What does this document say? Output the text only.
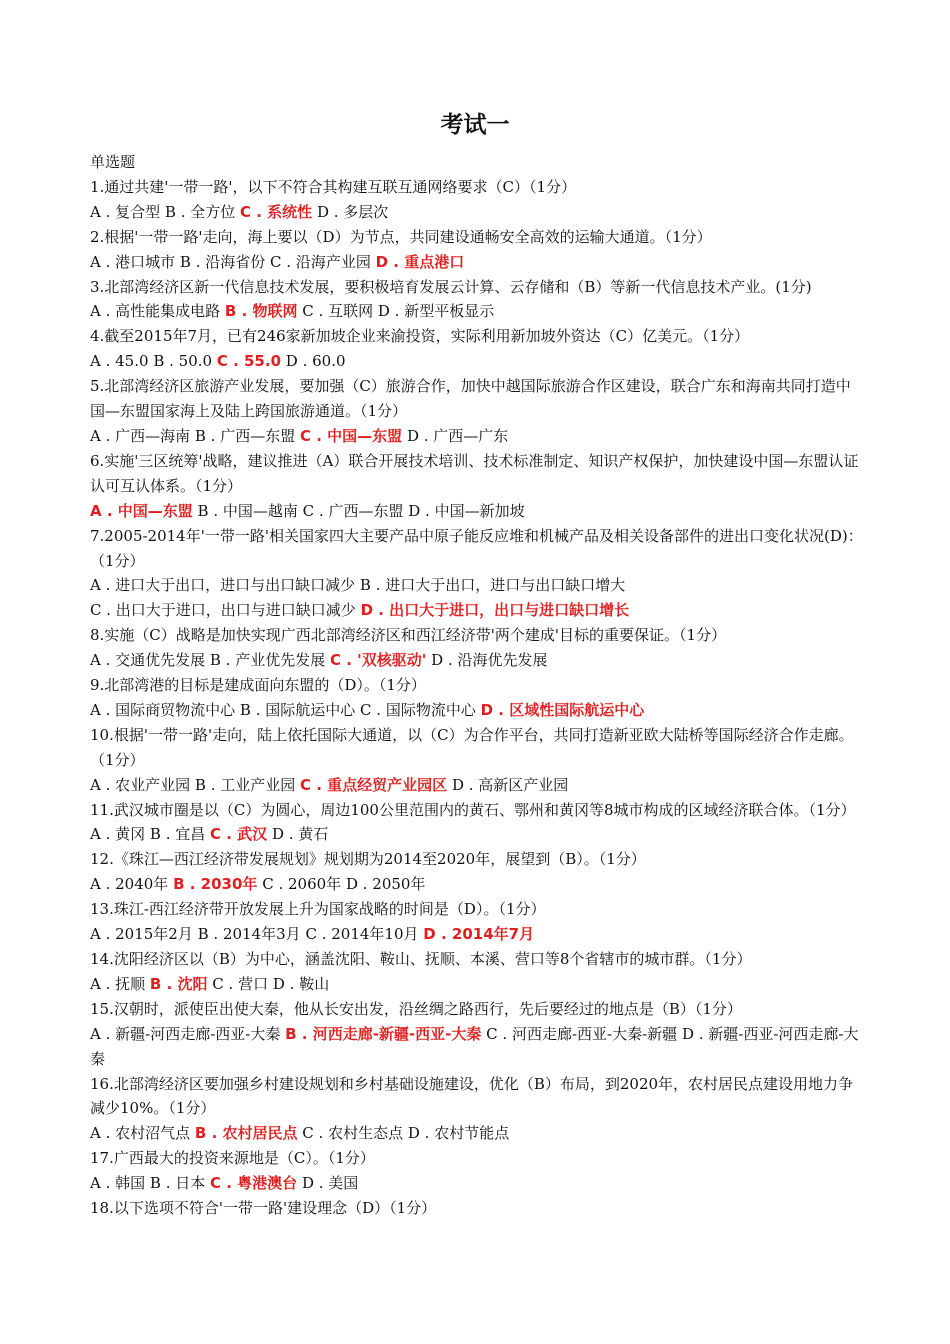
考试一
单选题
1.通过共建'一带一路'，以下不符合其构建互联互通网络要求（C）（1分）
A . 复合型 B . 全方位 C . 系统性 D . 多层次
2.根据'一带一路'走向，海上要以（D）为节点，共同建设通畅安全高效的运输大通道。（1分）
A . 港口城市 B . 沿海省份 C . 沿海产业园 D . 重点港口
3.北部湾经济区新一代信息技术发展，要积极培育发展云计算、云存储和（B）等新一代信息技术产业。(1分)
A . 高性能集成电路 B . 物联网 C . 互联网 D . 新型平板显示
4.截至2015年7月，已有246家新加坡企业来渝投资，实际利用新加坡外资达（C）亿美元。（1分）
A . 45.0 B . 50.0 C . 55.0 D . 60.0
5.北部湾经济区旅游产业发展，要加强（C）旅游合作，加快中越国际旅游合作区建设，联合广东和海南共同打造中国—东盟国家海上及陆上跨国旅游通道。（1分）
A . 广西—海南 B . 广西—东盟 C . 中国—东盟 D . 广西—广东
6.实施'三区统筹'战略，建议推进（A）联合开展技术培训、技术标准制定、知识产权保护，加快建设中国—东盟认证认可互认体系。（1分）
A . 中国—东盟 B . 中国—越南 C . 广西—东盟 D . 中国—新加坡
7.2005-2014年'一带一路'相关国家四大主要产品中原子能反应堆和机械产品及相关设备部件的进出口变化状况(D)：（1分）
A . 进口大于出口，进口与出口缺口减少 B . 进口大于出口，进口与出口缺口增大
C . 出口大于进口，出口与进口缺口减少 D . 出口大于进口，出口与进口缺口增长
8.实施（C）战略是加快实现广西北部湾经济区和西江经济带'两个建成'目标的重要保证。（1分）
A . 交通优先发展 B . 产业优先发展 C . '双核驱动' D . 沿海优先发展
9.北部湾港的目标是建成面向东盟的（D）。（1分）
A . 国际商贸物流中心 B . 国际航运中心 C . 国际物流中心 D . 区域性国际航运中心
10.根据'一带一路'走向，陆上依托国际大通道，以（C）为合作平台，共同打造新亚欧大陆桥等国际经济合作走廊。（1分）
A . 农业产业园 B . 工业产业园 C . 重点经贸产业园区 D . 高新区产业园
11.武汉城市圈是以（C）为圆心，周边100公里范围内的黄石、鄂州和黄冈等8城市构成的区域经济联合体。（1分）
A . 黄冈 B . 宜昌 C . 武汉 D . 黄石
12.《珠江—西江经济带发展规划》规划期为2014至2020年，展望到（B）。（1分）
A . 2040年 B . 2030年 C . 2060年 D . 2050年
13.珠江-西江经济带开放发展上升为国家战略的时间是（D）。（1分）
A . 2015年2月 B . 2014年3月 C . 2014年10月 D . 2014年7月
14.沈阳经济区以（B）为中心，涵盖沈阳、鞍山、抚顺、本溪、营口等8个省辖市的城市群。（1分）
A . 抚顺 B . 沈阳 C . 营口 D . 鞍山
15.汉朝时，派使臣出使大秦，他从长安出发，沿丝绸之路西行，先后要经过的地点是（B）（1分）
A . 新疆-河西走廊-西亚-大秦 B . 河西走廊-新疆-西亚-大秦 C . 河西走廊-西亚-大秦-新疆 D . 新疆-西亚-河西走廊-大秦
16.北部湾经济区要加强乡村建设规划和乡村基础设施建设，优化（B）布局，到2020年，农村居民点建设用地力争减少10%。（1分）
A . 农村沼气点 B . 农村居民点 C . 农村生态点 D . 农村节能点
17.广西最大的投资来源地是（C）。（1分）
A . 韩国 B . 日本 C . 粤港澳台 D . 美国
18.以下选项不符合'一带一路'建设理念（D）（1分）
